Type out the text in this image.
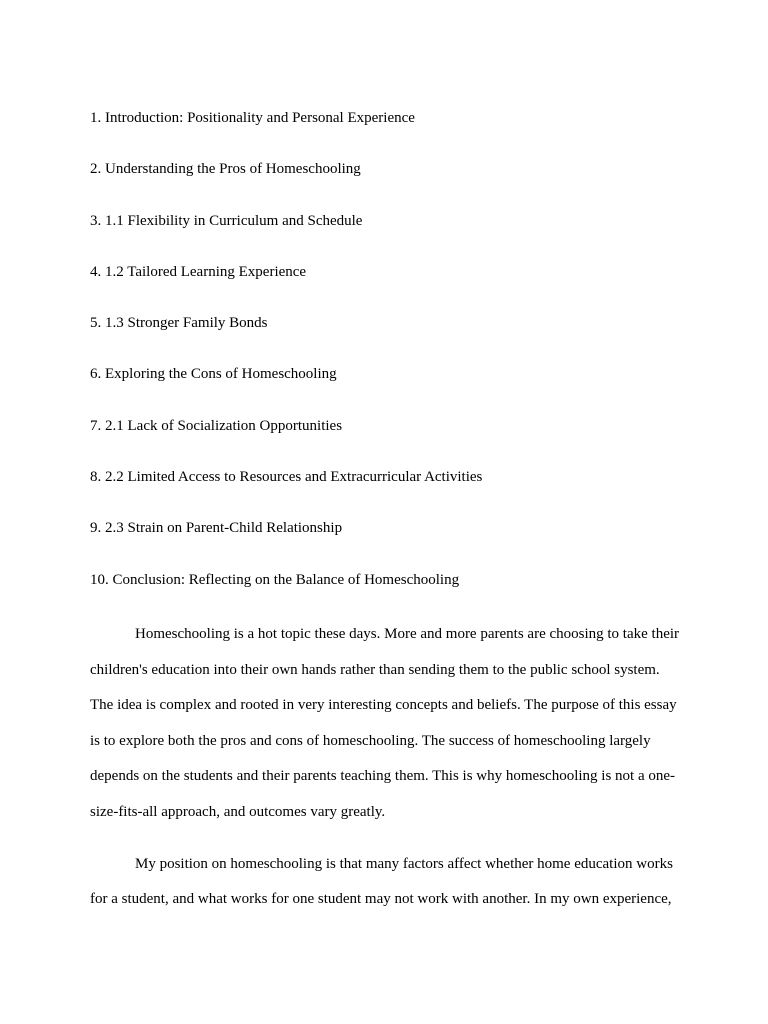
1. Introduction: Positionality and Personal Experience
2. Understanding the Pros of Homeschooling
3. 1.1 Flexibility in Curriculum and Schedule
4. 1.2 Tailored Learning Experience
5. 1.3 Stronger Family Bonds
6. Exploring the Cons of Homeschooling
7. 2.1 Lack of Socialization Opportunities
8. 2.2 Limited Access to Resources and Extracurricular Activities
9. 2.3 Strain on Parent-Child Relationship
10. Conclusion: Reflecting on the Balance of Homeschooling

Homeschooling is a hot topic these days. More and more parents are choosing to take their children's education into their own hands rather than sending them to the public school system. The idea is complex and rooted in very interesting concepts and beliefs. The purpose of this essay is to explore both the pros and cons of homeschooling. The success of homeschooling largely depends on the students and their parents teaching them. This is why homeschooling is not a one-size-fits-all approach, and outcomes vary greatly.

My position on homeschooling is that many factors affect whether home education works for a student, and what works for one student may not work with another. In my own experience,
